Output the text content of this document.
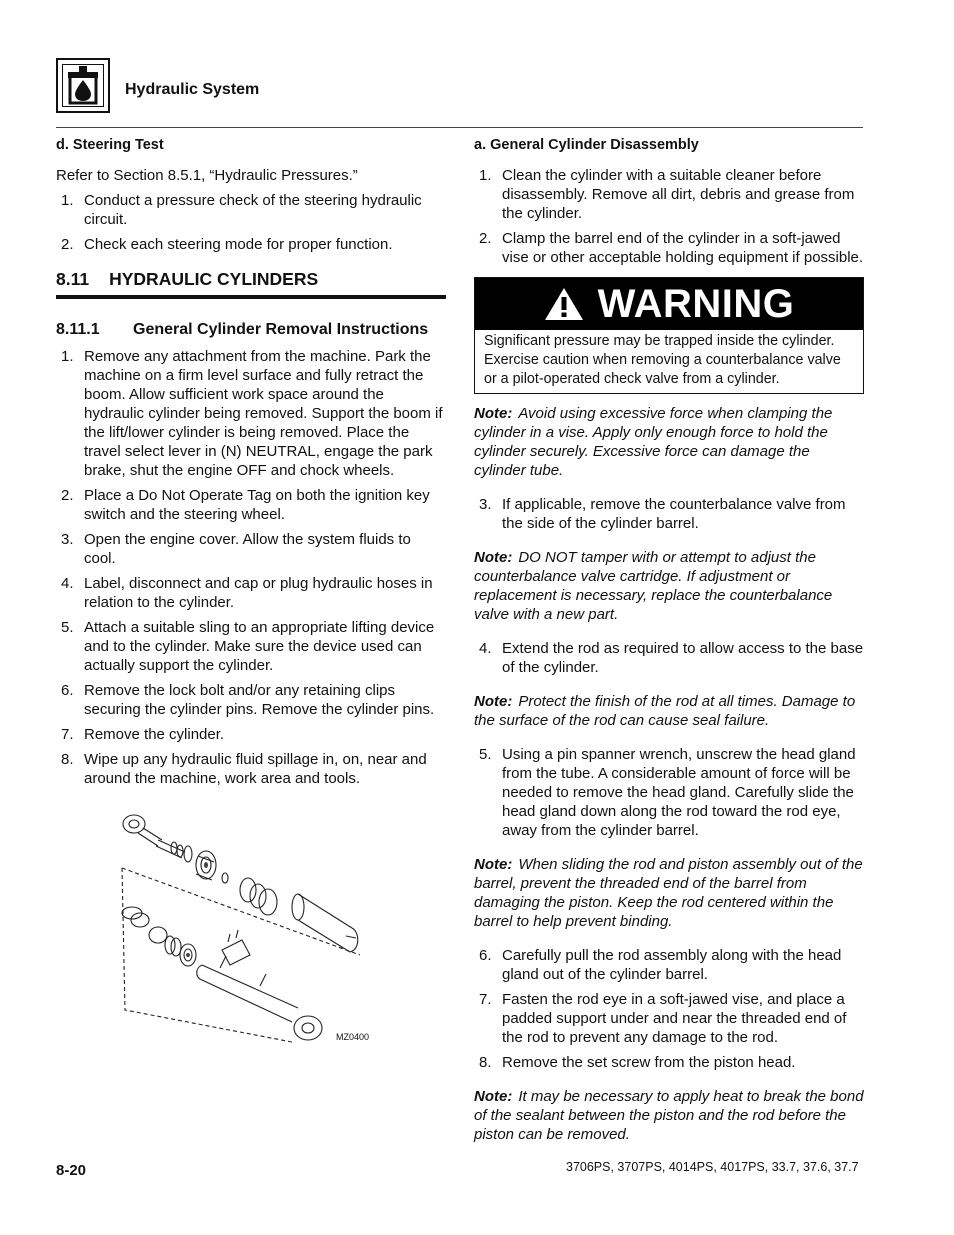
Hydraulic System
d. Steering Test

Refer to Section 8.5.1, “Hydraulic Pressures.”

1. Conduct a pressure check of the steering hydraulic circuit.
2. Check each steering mode for proper function.
8.11 HYDRAULIC CYLINDERS
8.11.1	General Cylinder Removal Instructions
1. Remove any attachment from the machine. Park the machine on a firm level surface and fully retract the boom. Allow sufficient work space around the hydraulic cylinder being removed. Support the boom if the lift/lower cylinder is being removed. Place the travel select lever in (N) NEUTRAL, engage the park brake, shut the engine OFF and chock wheels.
2. Place a Do Not Operate Tag on both the ignition key switch and the steering wheel.
3. Open the engine cover. Allow the system fluids to cool.
4. Label, disconnect and cap or plug hydraulic hoses in relation to the cylinder.
5. Attach a suitable sling to an appropriate lifting device and to the cylinder. Make sure the device used can actually support the cylinder.
6. Remove the lock bolt and/or any retaining clips securing the cylinder pins. Remove the cylinder pins.
7. Remove the cylinder.
8. Wipe up any hydraulic fluid spillage in, on, near and around the machine, work area and tools.
MZ0400
a. General Cylinder Disassembly
1. Clean the cylinder with a suitable cleaner before disassembly. Remove all dirt, debris and grease from the cylinder.
2. Clamp the barrel end of the cylinder in a soft-jawed vise or other acceptable holding equipment if possible.
WARNING
Significant pressure may be trapped inside the cylinder. Exercise caution when removing a counterbalance valve or a pilot-operated check valve from a cylinder.
Note: Avoid using excessive force when clamping the cylinder in a vise. Apply only enough force to hold the cylinder securely. Excessive force can damage the cylinder tube.
3. If applicable, remove the counterbalance valve from the side of the cylinder barrel.
Note: DO NOT tamper with or attempt to adjust the counterbalance valve cartridge. If adjustment or replacement is necessary, replace the counterbalance valve with a new part.
4. Extend the rod as required to allow access to the base of the cylinder.
Note: Protect the finish of the rod at all times. Damage to the surface of the rod can cause seal failure.
5. Using a pin spanner wrench, unscrew the head gland from the tube. A considerable amount of force will be needed to remove the head gland. Carefully slide the head gland down along the rod toward the rod eye, away from the cylinder barrel.
Note: When sliding the rod and piston assembly out of the barrel, prevent the threaded end of the barrel from damaging the piston. Keep the rod centered within the barrel to help prevent binding.
6. Carefully pull the rod assembly along with the head gland out of the cylinder barrel.
7. Fasten the rod eye in a soft-jawed vise, and place a padded support under and near the threaded end of the rod to prevent any damage to the rod.
8. Remove the set screw from the piston head.
Note: It may be necessary to apply heat to break the bond of the sealant between the piston and the rod before the piston can be removed.
8-20	3706PS, 3707PS, 4014PS, 4017PS, 33.7, 37.6, 37.7
